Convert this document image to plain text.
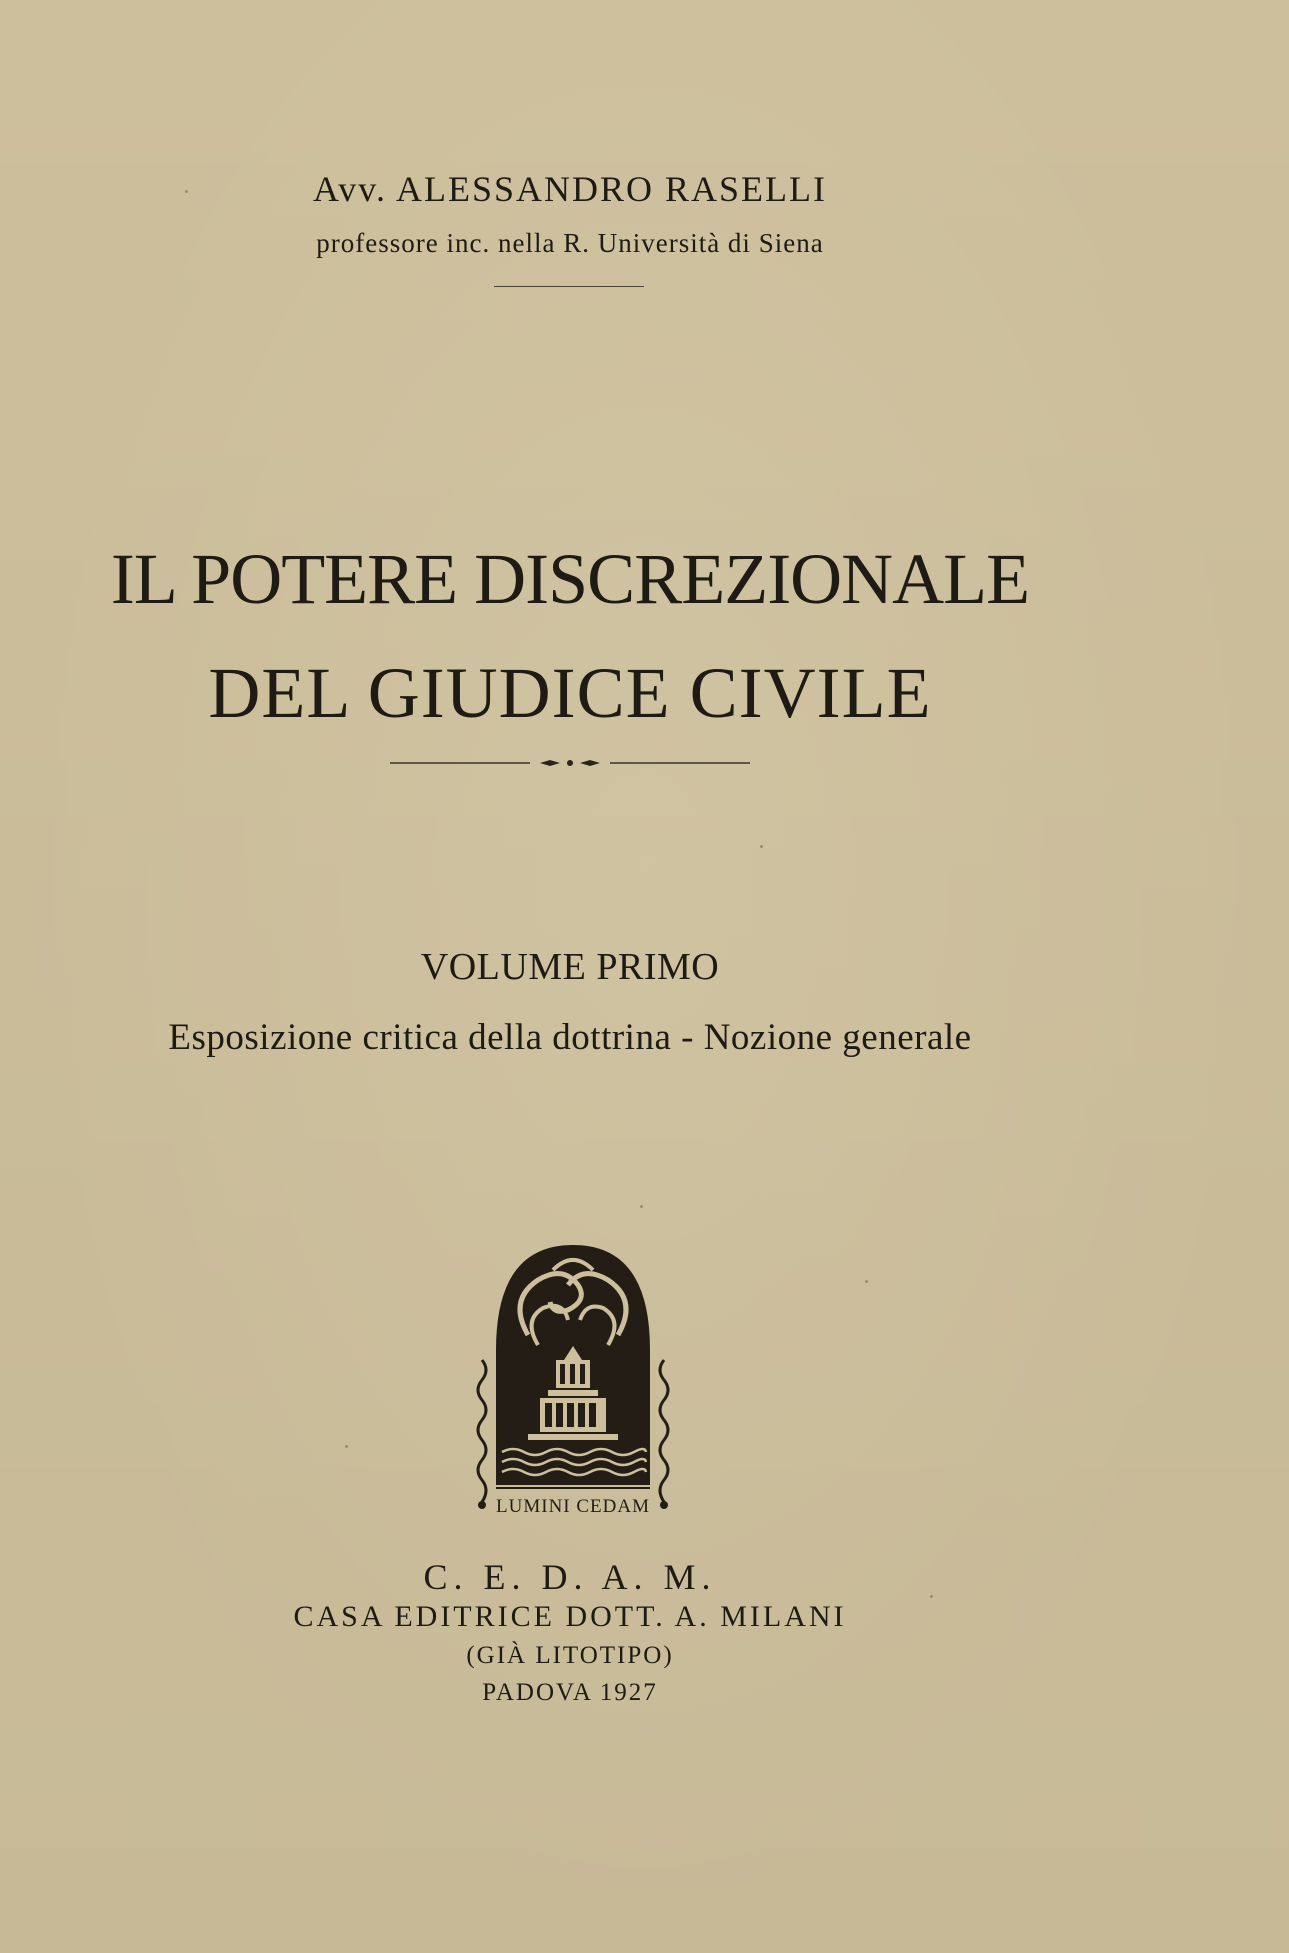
Avv. ALESSANDRO RASELLI
professore inc. nella R. Università di Siena
IL POTERE DISCREZIONALE
DEL GIUDICE CIVILE
VOLUME PRIMO
Esposizione critica della dottrina - Nozione generale
LUMINI CEDAM
C. E. D. A. M.
CASA EDITRICE DOTT. A. MILANI
(GIÀ LITOTIPO)
PADOVA 1927
